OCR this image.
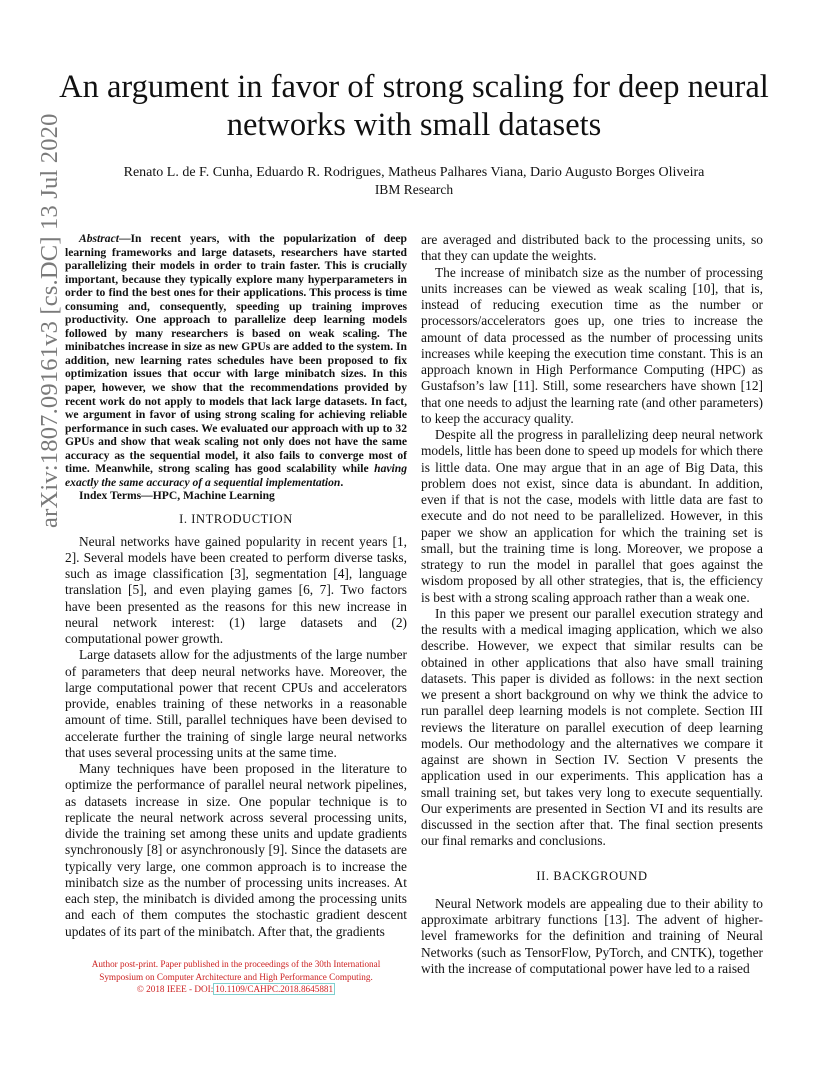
An argument in favor of strong scaling for deep neural networks with small datasets
Renato L. de F. Cunha, Eduardo R. Rodrigues, Matheus Palhares Viana, Dario Augusto Borges Oliveira
IBM Research
arXiv:1807.09161v3 [cs.DC] 13 Jul 2020	Abstract—In recent years, with the popularization of deep learning frameworks and large datasets, researchers have started parallelizing their models in order to train faster. This is crucially important, because they typically explore many hyperparameters in order to find the best ones for their applications. This process is time consuming and, consequently, speeding up training improves productivity. One approach to parallelize deep learning models followed by many researchers is based on weak scaling. The minibatches increase in size as new GPUs are added to the system. In addition, new learning rates schedules have been proposed to fix optimization issues that occur with large minibatch sizes. In this paper, however, we show that the recommendations provided by recent work do not apply to models that lack large datasets. In fact, we argument in favor of using strong scaling for achieving reliable performance in such cases. We evaluated our approach with up to 32 GPUs and show that weak scaling not only does not have the same accuracy as the sequential model, it also fails to converge most of time. Meanwhile, strong scaling has good scalability while having exactly the same accuracy of a sequential implementation.

Index Terms—HPC, Machine Learning

I. INTRODUCTION

Neural networks have gained popularity in recent years [1, 2]. Several models have been created to perform diverse tasks, such as image classification [3], segmentation [4], language translation [5], and even playing games [6, 7]. Two factors have been presented as the reasons for this new increase in neural network interest: (1) large datasets and (2) computational power growth.

Large datasets allow for the adjustments of the large number of parameters that deep neural networks have. Moreover, the large computational power that recent CPUs and accelerators provide, enables training of these networks in a reasonable amount of time. Still, parallel techniques have been devised to accelerate further the training of single large neural networks that uses several processing units at the same time.

Many techniques have been proposed in the literature to optimize the performance of parallel neural network pipelines, as datasets increase in size. One popular technique is to replicate the neural network across several processing units, divide the training set among these units and update gradients synchronously [8] or asynchronously [9]. Since the datasets are typically very large, one common approach is to increase the minibatch size as the number of processing units increases. At each step, the minibatch is divided among the processing units and each of them computes the stochastic gradient descent updates of its part of the minibatch. After that, the gradients

are averaged and distributed back to the processing units, so that they can update the weights.

The increase of minibatch size as the number of processing units increases can be viewed as weak scaling [10], that is, instead of reducing execution time as the number or processors/accelerators goes up, one tries to increase the amount of data processed as the number of processing units increases while keeping the execution time constant. This is an approach known in High Performance Computing (HPC) as Gustafson’s law [11]. Still, some researchers have shown [12] that one needs to adjust the learning rate (and other parameters) to keep the accuracy quality.

Despite all the progress in parallelizing deep neural network models, little has been done to speed up models for which there is little data. One may argue that in an age of Big Data, this problem does not exist, since data is abundant. In addition, even if that is not the case, models with little data are fast to execute and do not need to be parallelized. However, in this paper we show an application for which the training set is small, but the training time is long. Moreover, we propose a strategy to run the model in parallel that goes against the wisdom proposed by all other strategies, that is, the efficiency is best with a strong scaling approach rather than a weak one.

In this paper we present our parallel execution strategy and the results with a medical imaging application, which we also describe. However, we expect that similar results can be obtained in other applications that also have small training datasets. This paper is divided as follows: in the next section we present a short background on why we think the advice to run parallel deep learning models is not complete. Section III reviews the literature on parallel execution of deep learning models. Our methodology and the alternatives we compare it against are shown in Section IV. Section V presents the application used in our experiments. This application has a small training set, but takes very long to execute sequentially. Our experiments are presented in Section VI and its results are discussed in the section after that. The final section presents our final remarks and conclusions.

II. BACKGROUND

Neural Network models are appealing due to their ability to approximate arbitrary functions [13]. The advent of higher-level frameworks for the definition and training of Neural Networks (such as TensorFlow, PyTorch, and CNTK), together with the increase of computational power have led to a raised

Author post-print. Paper published in the proceedings of the 30th International
Symposium on Computer Architecture and High Performance Computing.
© 2018 IEEE - DOI: 10.1109/CAHPC.2018.8645881
